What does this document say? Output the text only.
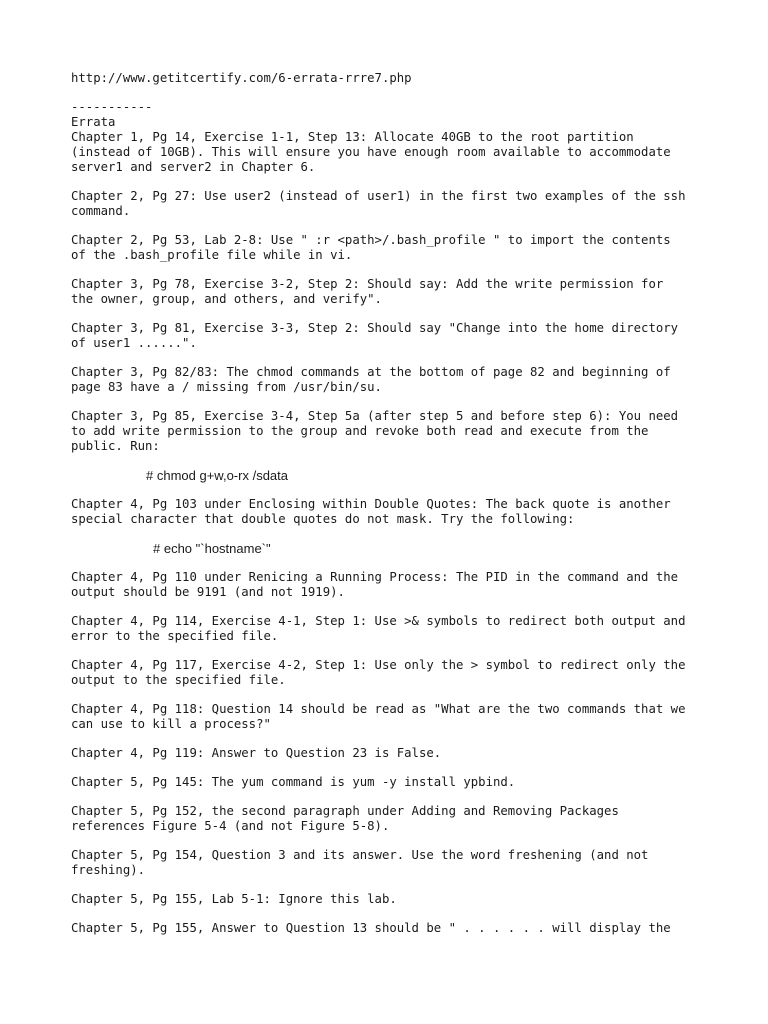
http://www.getitcertify.com/6-errata-rrre7.php
-----------
Errata
Chapter 1, Pg 14, Exercise 1-1, Step 13: Allocate 40GB to the root partition
(instead of 10GB). This will ensure you have enough room available to accommodate
server1 and server2 in Chapter 6.
Chapter 2, Pg 27: Use user2 (instead of user1) in the first two examples of the ssh
command.
Chapter 2, Pg 53, Lab 2-8: Use " :r <path>/.bash_profile " to import the contents
of the .bash_profile file while in vi.
Chapter 3, Pg 78, Exercise 3-2, Step 2: Should say: Add the write permission for
the owner, group, and others, and verify".
Chapter 3, Pg 81, Exercise 3-3, Step 2: Should say "Change into the home directory
of user1 ......".
Chapter 3, Pg 82/83: The chmod commands at the bottom of page 82 and beginning of
page 83 have a / missing from /usr/bin/su.
Chapter 3, Pg 85, Exercise 3-4, Step 5a (after step 5 and before step 6): You need
to add write permission to the group and revoke both read and execute from the
public. Run:
# chmod g+w,o-rx /sdata
Chapter 4, Pg 103 under Enclosing within Double Quotes: The back quote is another
special character that double quotes do not mask. Try the following:
# echo "`hostname`"
Chapter 4, Pg 110 under Renicing a Running Process: The PID in the command and the
output should be 9191 (and not 1919).
Chapter 4, Pg 114, Exercise 4-1, Step 1: Use >& symbols to redirect both output and
error to the specified file.
Chapter 4, Pg 117, Exercise 4-2, Step 1: Use only the > symbol to redirect only the
output to the specified file.
Chapter 4, Pg 118: Question 14 should be read as "What are the two commands that we
can use to kill a process?"
Chapter 4, Pg 119: Answer to Question 23 is False.
Chapter 5, Pg 145: The yum command is yum -y install ypbind.
Chapter 5, Pg 152, the second paragraph under Adding and Removing Packages
references Figure 5-4 (and not Figure 5-8).
Chapter 5, Pg 154, Question 3 and its answer. Use the word freshening (and not
freshing).
Chapter 5, Pg 155, Lab 5-1: Ignore this lab.
Chapter 5, Pg 155, Answer to Question 13 should be " . . . . . . will display the
